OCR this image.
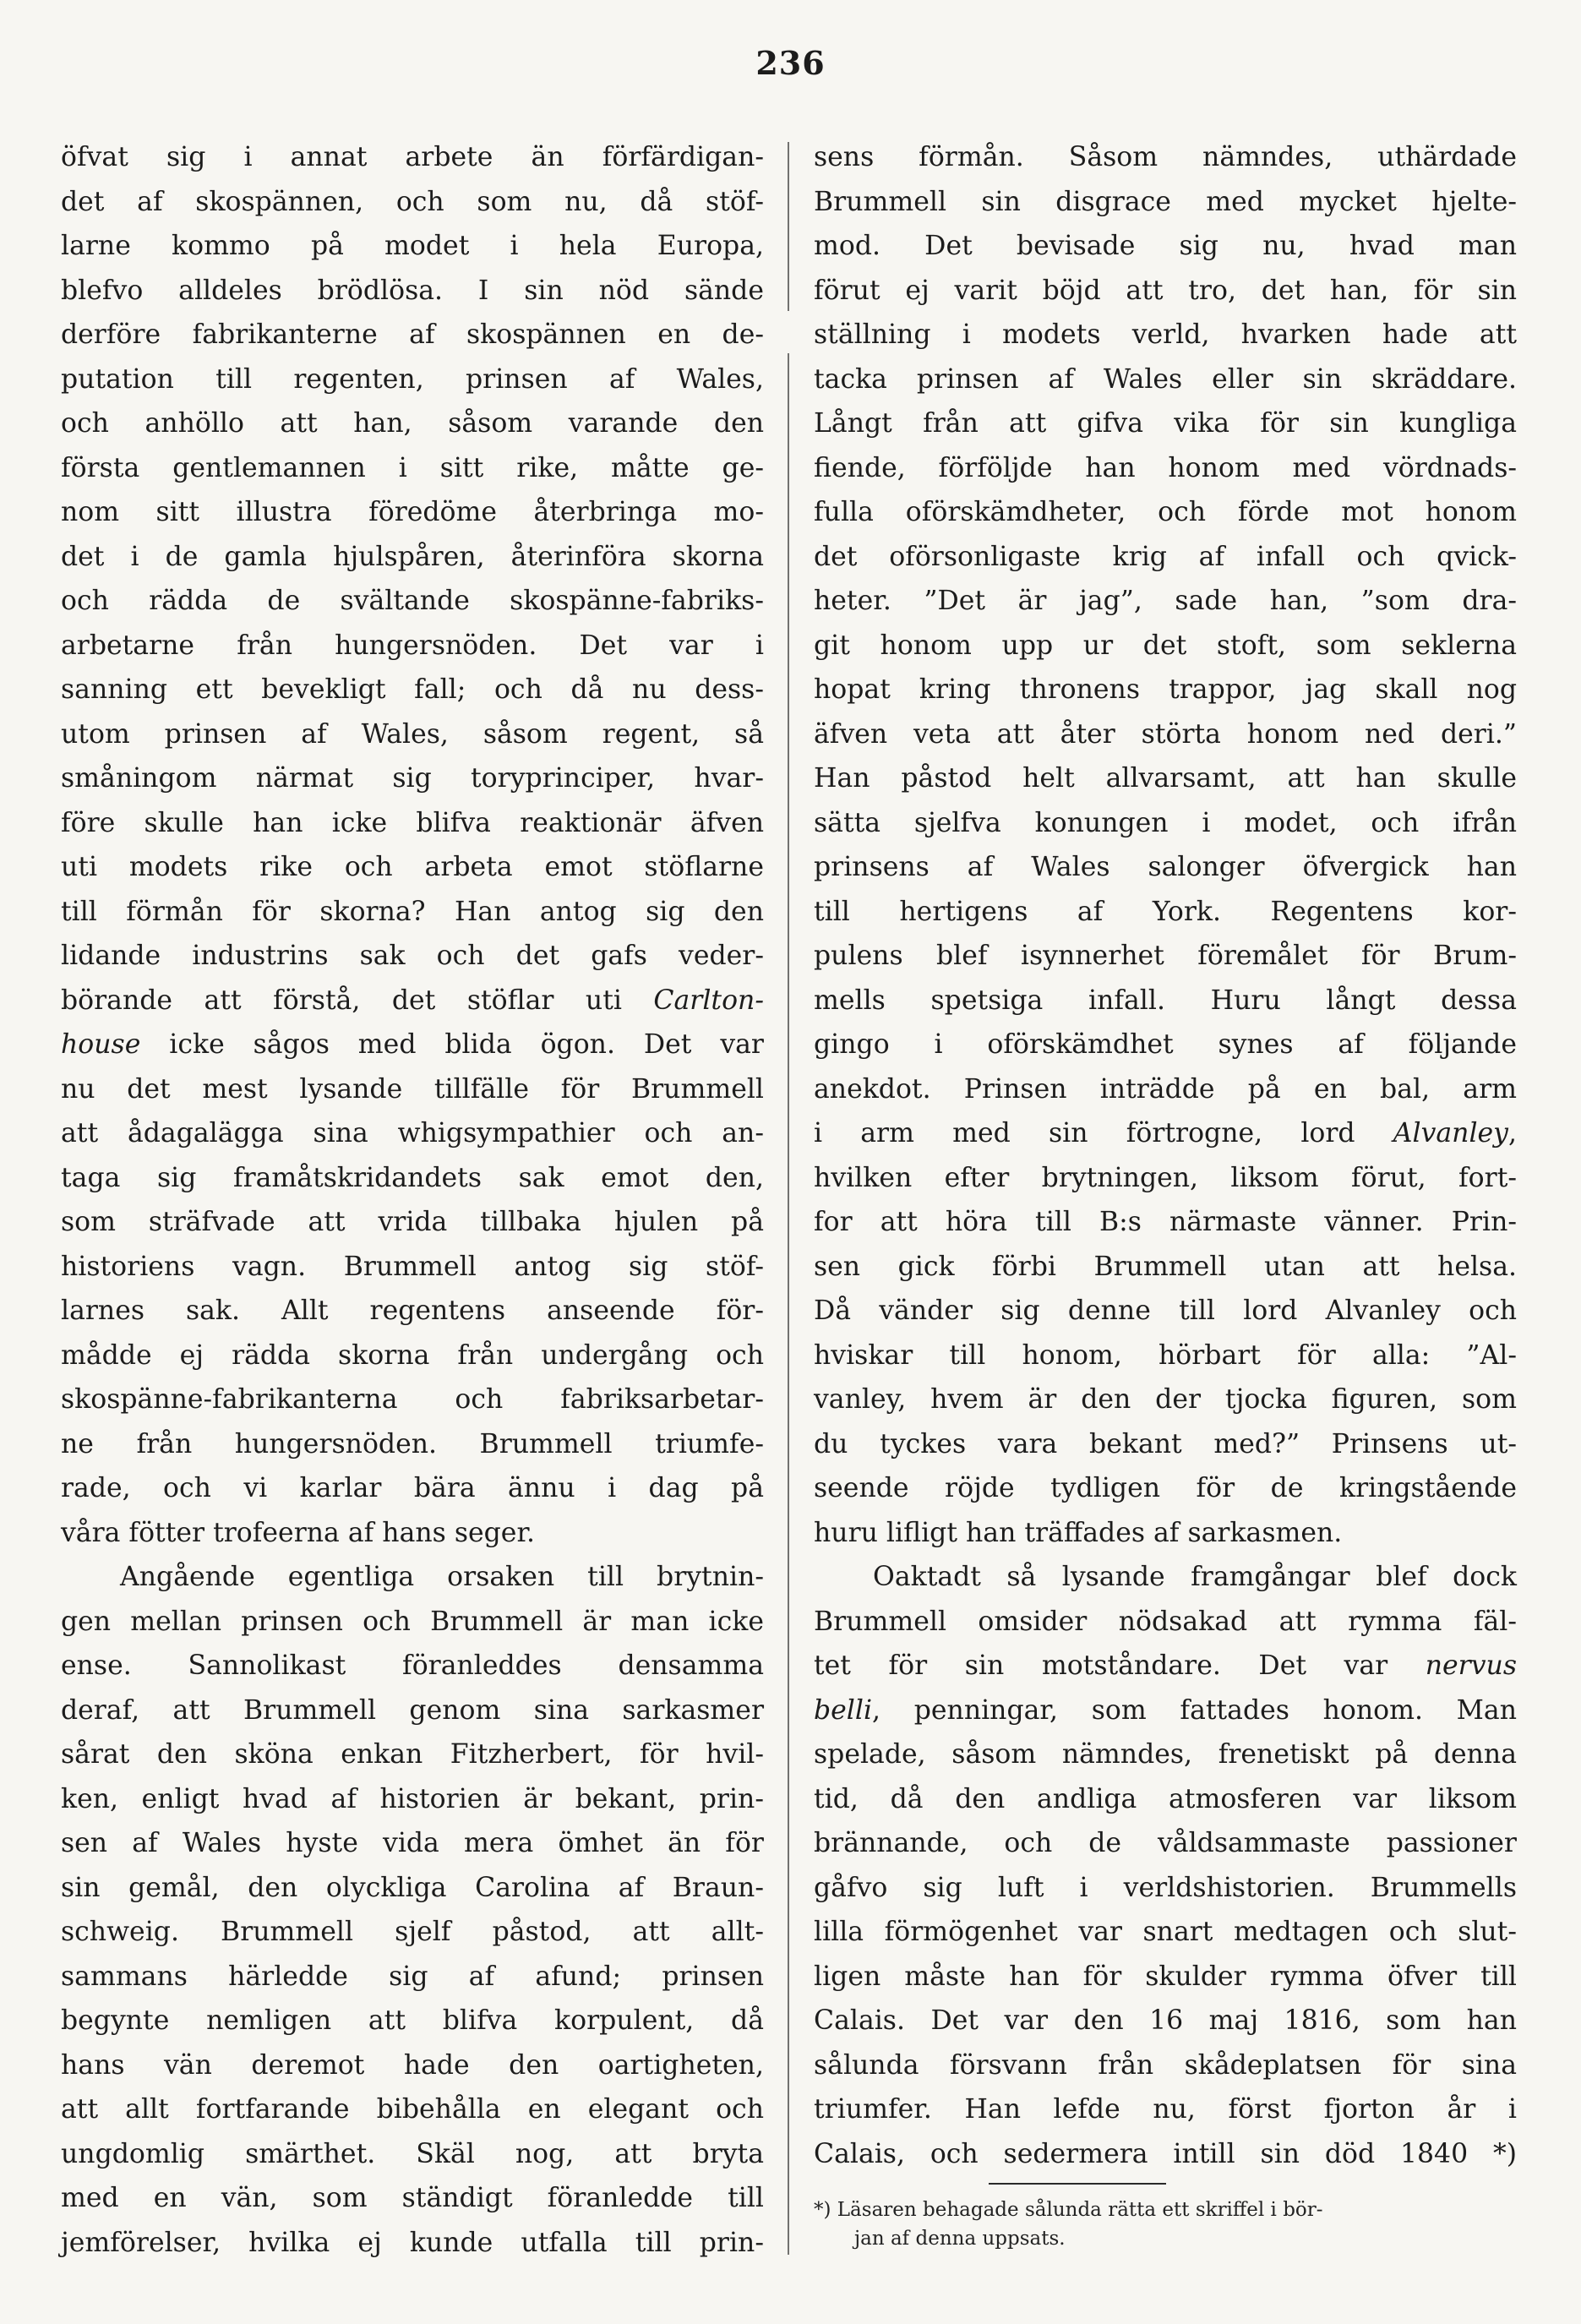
236
öfvat sig i annat arbete än förfärdigan-
det af skospännen, och som nu, då stöf-
larne kommo på modet i hela Europa,
blefvo alldeles brödlösa. I sin nöd sände
derföre fabrikanterne af skospännen en de-
putation till regenten, prinsen af Wales,
och anhöllo att han, såsom varande den
första gentlemannen i sitt rike, måtte ge-
nom sitt illustra föredöme återbringa mo-
det i de gamla hjulspåren, återinföra skorna
och rädda de svältande skospänne-fabriks-
arbetarne från hungersnöden. Det var i
sanning ett bevekligt fall; och då nu dess-
utom prinsen af Wales, såsom regent, så
småningom närmat sig toryprinciper, hvar-
före skulle han icke blifva reaktionär äfven
uti modets rike och arbeta emot stöflarne
till förmån för skorna? Han antog sig den
lidande industrins sak och det gafs veder-
börande att förstå, det stöflar uti Carlton-
house icke sågos med blida ögon. Det var
nu det mest lysande tillfälle för Brummell
att ådagalägga sina whigsympathier och an-
taga sig framåtskridandets sak emot den,
som sträfvade att vrida tillbaka hjulen på
historiens vagn. Brummell antog sig stöf-
larnes sak. Allt regentens anseende för-
mådde ej rädda skorna från undergång och
skospänne-fabrikanterna och fabriksarbetar-
ne från hungersnöden. Brummell triumfe-
rade, och vi karlar bära ännu i dag på
våra fötter trofeerna af hans seger.
Angående egentliga orsaken till brytnin-
gen mellan prinsen och Brummell är man icke
ense. Sannolikast föranleddes densamma
deraf, att Brummell genom sina sarkasmer
sårat den sköna enkan Fitzherbert, för hvil-
ken, enligt hvad af historien är bekant, prin-
sen af Wales hyste vida mera ömhet än för
sin gemål, den olyckliga Carolina af Braun-
schweig. Brummell sjelf påstod, att allt-
sammans härledde sig af afund; prinsen
begynte nemligen att blifva korpulent, då
hans vän deremot hade den oartigheten,
att allt fortfarande bibehålla en elegant och
ungdomlig smärthet. Skäl nog, att bryta
med en vän, som ständigt föranledde till
jemförelser, hvilka ej kunde utfalla till prin-
sens förmån. Såsom nämndes, uthärdade
Brummell sin disgrace med mycket hjelte-
mod. Det bevisade sig nu, hvad man
förut ej varit böjd att tro, det han, för sin
ställning i modets verld, hvarken hade att
tacka prinsen af Wales eller sin skräddare.
Långt från att gifva vika för sin kungliga
fiende, förföljde han honom med vördnads-
fulla oförskämdheter, och förde mot honom
det oförsonligaste krig af infall och qvick-
heter. ”Det är jag”, sade han, ”som dra-
git honom upp ur det stoft, som seklerna
hopat kring thronens trappor, jag skall nog
äfven veta att åter störta honom ned deri.”
Han påstod helt allvarsamt, att han skulle
sätta sjelfva konungen i modet, och ifrån
prinsens af Wales salonger öfvergick han
till hertigens af York. Regentens kor-
pulens blef isynnerhet föremålet för Brum-
mells spetsiga infall. Huru långt dessa
gingo i oförskämdhet synes af följande
anekdot. Prinsen inträdde på en bal, arm
i arm med sin förtrogne, lord Alvanley,
hvilken efter brytningen, liksom förut, fort-
for att höra till B:s närmaste vänner. Prin-
sen gick förbi Brummell utan att helsa.
Då vänder sig denne till lord Alvanley och
hviskar till honom, hörbart för alla: ”Al-
vanley, hvem är den der tjocka figuren, som
du tyckes vara bekant med?” Prinsens ut-
seende röjde tydligen för de kringstående
huru lifligt han träffades af sarkasmen.
Oaktadt så lysande framgångar blef dock
Brummell omsider nödsakad att rymma fäl-
tet för sin motståndare. Det var nervus
belli, penningar, som fattades honom. Man
spelade, såsom nämndes, frenetiskt på denna
tid, då den andliga atmosferen var liksom
brännande, och de våldsammaste passioner
gåfvo sig luft i verldshistorien. Brummells
lilla förmögenhet var snart medtagen och slut-
ligen måste han för skulder rymma öfver till
Calais. Det var den 16 maj 1816, som han
sålunda försvann från skådeplatsen för sina
triumfer. Han lefde nu, först fjorton år i
Calais, och sedermera intill sin död 1840 *)
*) Läsaren behagade sålunda rätta ett skriffel i bör-
jan af denna uppsats.
